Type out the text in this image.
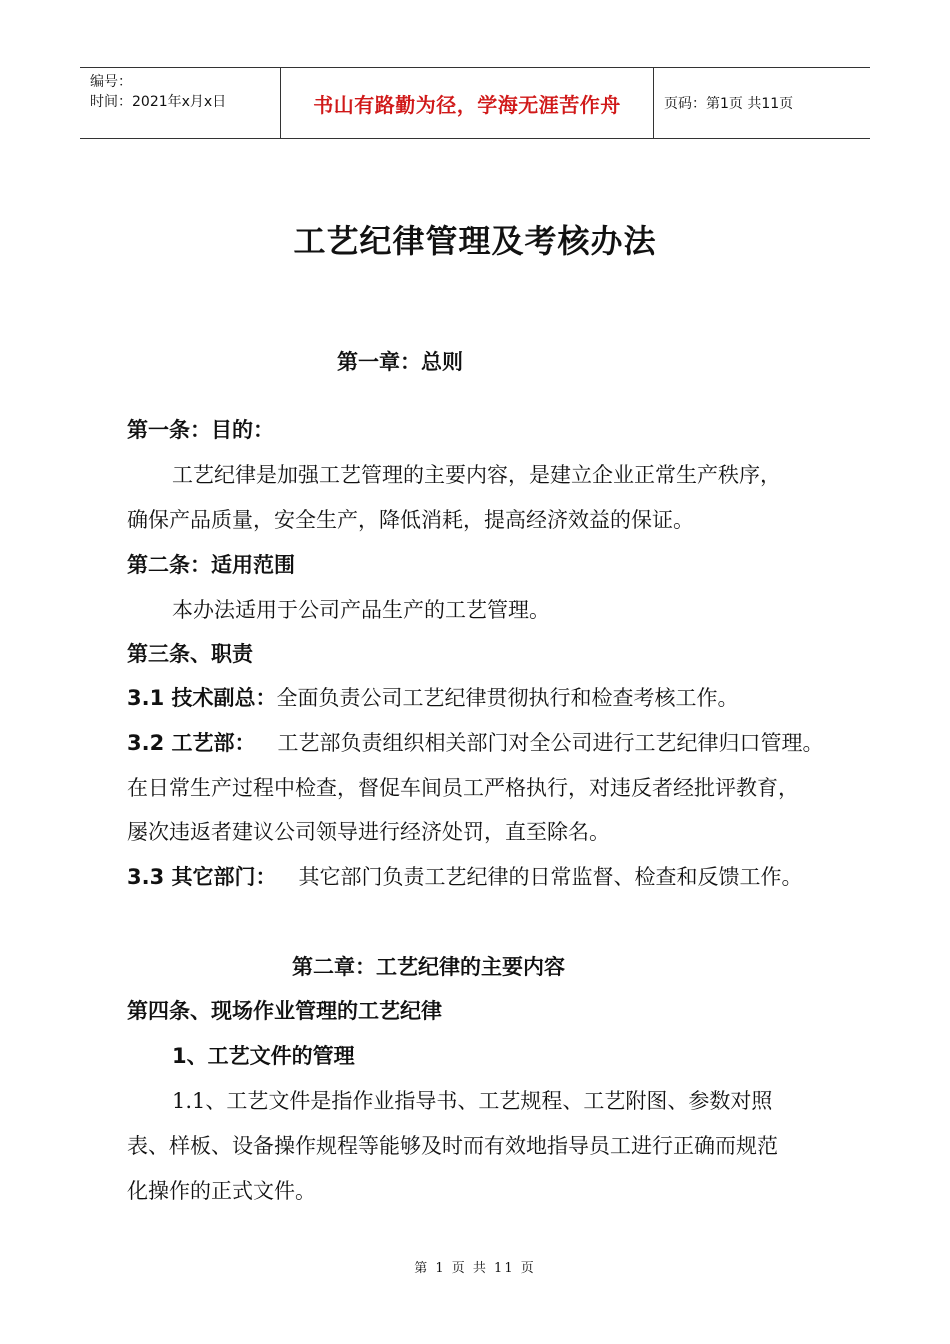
编号：
时间：2021年x月x日	书山有路勤为径，学海无涯苦作舟	页码：第1页 共11页
工艺纪律管理及考核办法

第一章：总则

第一条：目的：

工艺纪律是加强工艺管理的主要内容，是建立企业正常生产秩序，

确保产品质量，安全生产，降低消耗，提高经济效益的保证。

第二条：适用范围

本办法适用于公司产品生产的工艺管理。

第三条、职责

3.1 技术副总：全面负责公司工艺纪律贯彻执行和检查考核工作。

3.2 工艺部： 工艺部负责组织相关部门对全公司进行工艺纪律归口管理。

在日常生产过程中检查，督促车间员工严格执行，对违反者经批评教育，

屡次违返者建议公司领导进行经济处罚，直至除名。

3.3 其它部门： 其它部门负责工艺纪律的日常监督、检查和反馈工作。

第二章：工艺纪律的主要内容

第四条、现场作业管理的工艺纪律

1、工艺文件的管理

1.1、工艺文件是指作业指导书、工艺规程、工艺附图、参数对照

表、样板、设备操作规程等能够及时而有效地指导员工进行正确而规范

化操作的正式文件。

第 1 页 共 11 页
